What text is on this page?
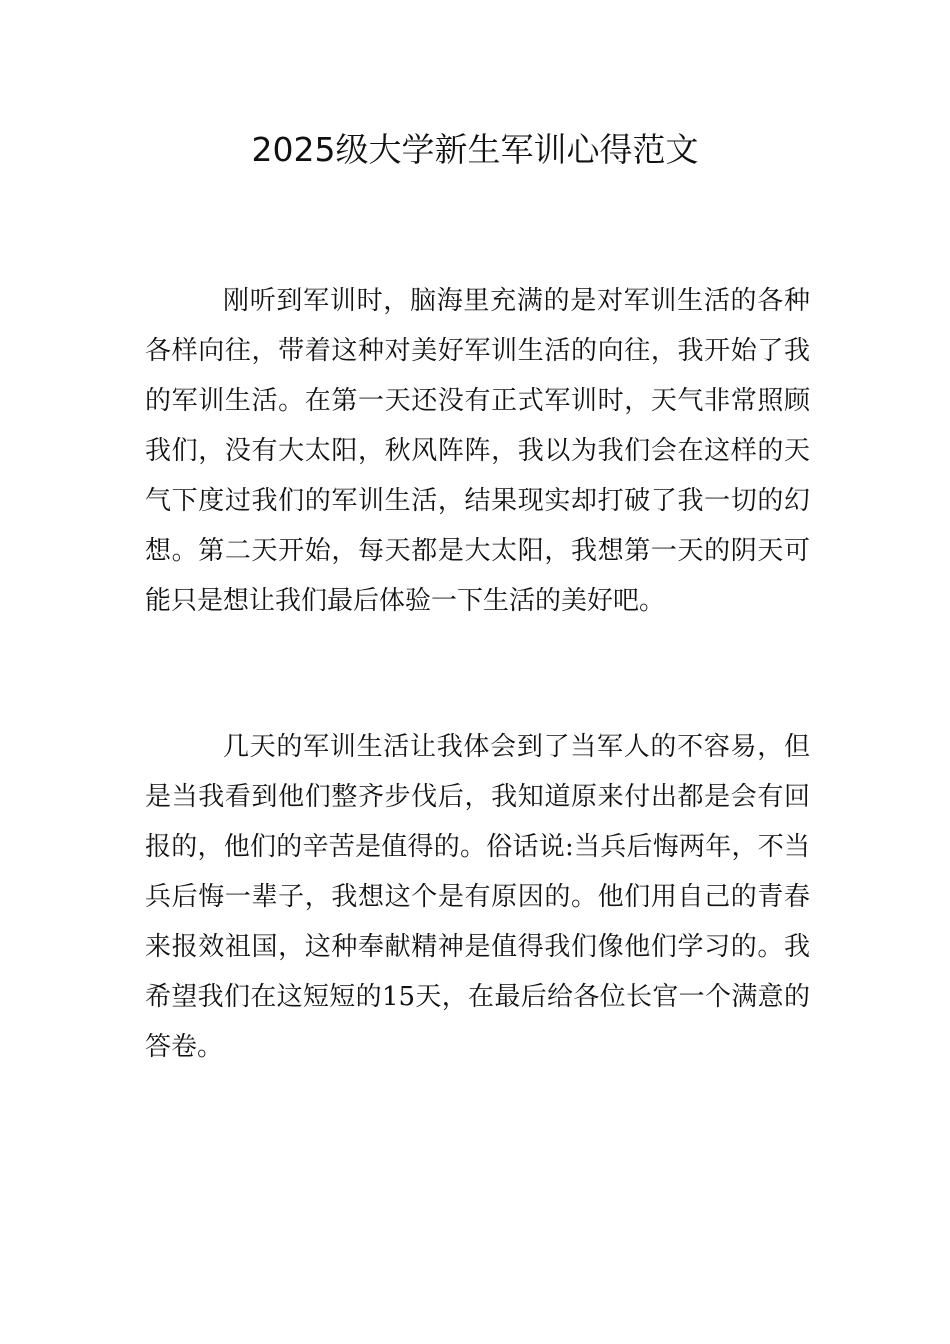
2025级大学新生军训心得范文

刚听到军训时，脑海里充满的是对军训生活的各种各样向往，带着这种对美好军训生活的向往，我开始了我的军训生活。在第一天还没有正式军训时，天气非常照顾我们，没有大太阳，秋风阵阵，我以为我们会在这样的天气下度过我们的军训生活，结果现实却打破了我一切的幻想。第二天开始，每天都是大太阳，我想第一天的阴天可能只是想让我们最后体验一下生活的美好吧。

几天的军训生活让我体会到了当军人的不容易，但是当我看到他们整齐步伐后，我知道原来付出都是会有回报的，他们的辛苦是值得的。俗话说:当兵后悔两年，不当兵后悔一辈子，我想这个是有原因的。他们用自己的青春来报效祖国，这种奉献精神是值得我们像他们学习的。我希望我们在这短短的15天，在最后给各位长官一个满意的答卷。
